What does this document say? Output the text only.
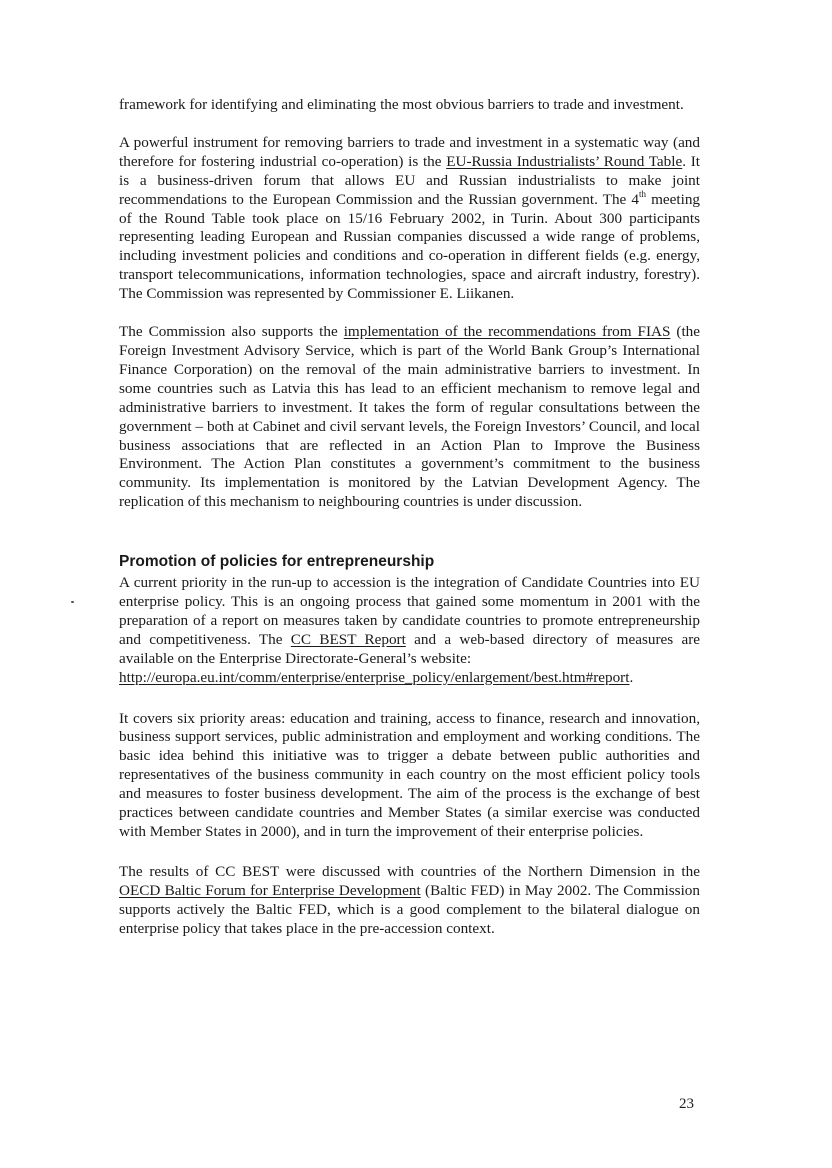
framework for identifying and eliminating the most obvious barriers to trade and investment.

A powerful instrument for removing barriers to trade and investment in a systematic way (and therefore for fostering industrial co-operation) is the EU-Russia Industrialists’ Round Table. It is a business-driven forum that allows EU and Russian industrialists to make joint recommendations to the European Commission and the Russian government. The 4th meeting of the Round Table took place on 15/16 February 2002, in Turin. About 300 participants representing leading European and Russian companies discussed a wide range of problems, including investment policies and conditions and co-operation in different fields (e.g. energy, transport telecommunications, information technologies, space and aircraft industry, forestry). The Commission was represented by Commissioner E. Liikanen.

The Commission also supports the implementation of the recommendations from FIAS (the Foreign Investment Advisory Service, which is part of the World Bank Group’s International Finance Corporation) on the removal of the main administrative barriers to investment. In some countries such as Latvia this has lead to an efficient mechanism to remove legal and administrative barriers to investment. It takes the form of regular consultations between the government – both at Cabinet and civil servant levels, the Foreign Investors’ Council, and local business associations that are reflected in an Action Plan to Improve the Business Environment. The Action Plan constitutes a government’s commitment to the business community. Its implementation is monitored by the Latvian Development Agency. The replication of this mechanism to neighbouring countries is under discussion.

Promotion of policies for entrepreneurship

A current priority in the run-up to accession is the integration of Candidate Countries into EU enterprise policy. This is an ongoing process that gained some momentum in 2001 with the preparation of a report on measures taken by candidate countries to promote entrepreneurship and competitiveness. The CC BEST Report and a web-based directory of measures are available on the Enterprise Directorate-General’s website:
http://europa.eu.int/comm/enterprise/enterprise_policy/enlargement/best.htm#report.

It covers six priority areas: education and training, access to finance, research and innovation, business support services, public administration and employment and working conditions. The basic idea behind this initiative was to trigger a debate between public authorities and representatives of the business community in each country on the most efficient policy tools and measures to foster business development. The aim of the process is the exchange of best practices between candidate countries and Member States (a similar exercise was conducted with Member States in 2000), and in turn the improvement of their enterprise policies.

The results of CC BEST were discussed with countries of the Northern Dimension in the OECD Baltic Forum for Enterprise Development (Baltic FED) in May 2002. The Commission supports actively the Baltic FED, which is a good complement to the bilateral dialogue on enterprise policy that takes place in the pre-accession context.

23
